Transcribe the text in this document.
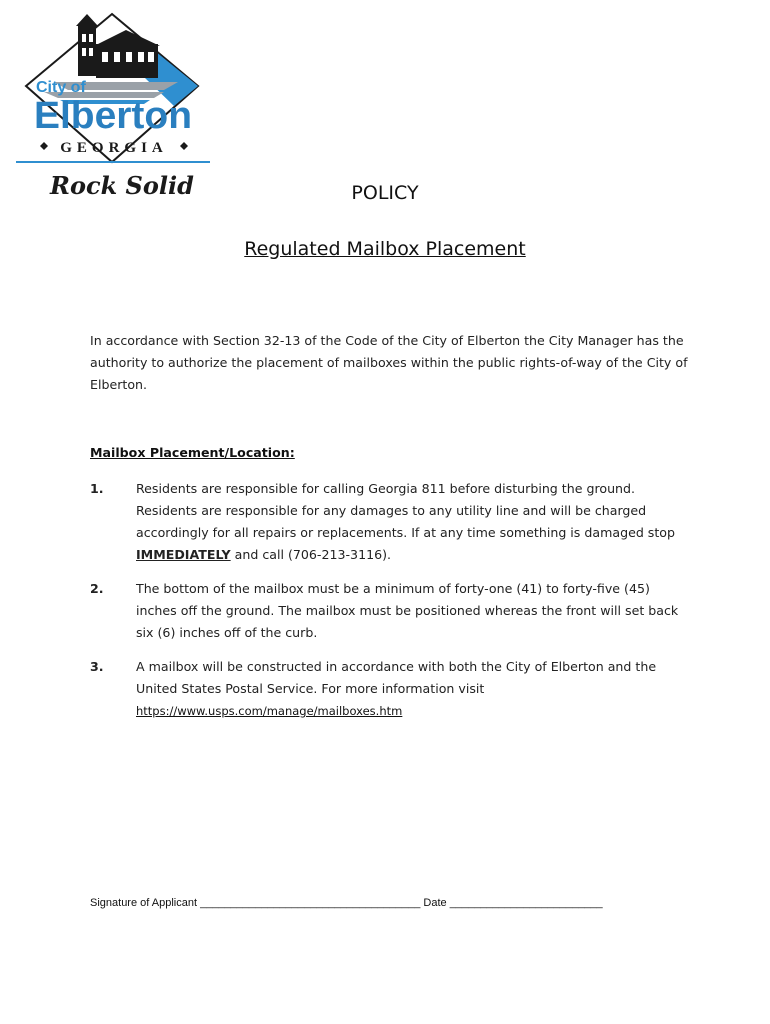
City of
Elberton
GEORGIA
Rock Solid	POLICY
Regulated Mailbox Placement
In accordance with Section 32-13 of the Code of the City of Elberton the City Manager has the authority to authorize the placement of mailboxes within the public rights-of-way of the City of Elberton.
Mailbox Placement/Location:
1.	Residents are responsible for calling Georgia 811 before disturbing the ground. Residents are responsible for any damages to any utility line and will be charged accordingly for all repairs or replacements. If at any time something is damaged stop IMMEDIATELY and call (706-213-3116).
2.	The bottom of the mailbox must be a minimum of forty-one (41) to forty-five (45) inches off the ground. The mailbox must be positioned whereas the front will set back six (6) inches off of the curb.
3.	A mailbox will be constructed in accordance with both the City of Elberton and the United States Postal Service. For more information visit
https://www.usps.com/manage/mailboxes.htm
Signature of Applicant ____________________________________ Date _________________________
